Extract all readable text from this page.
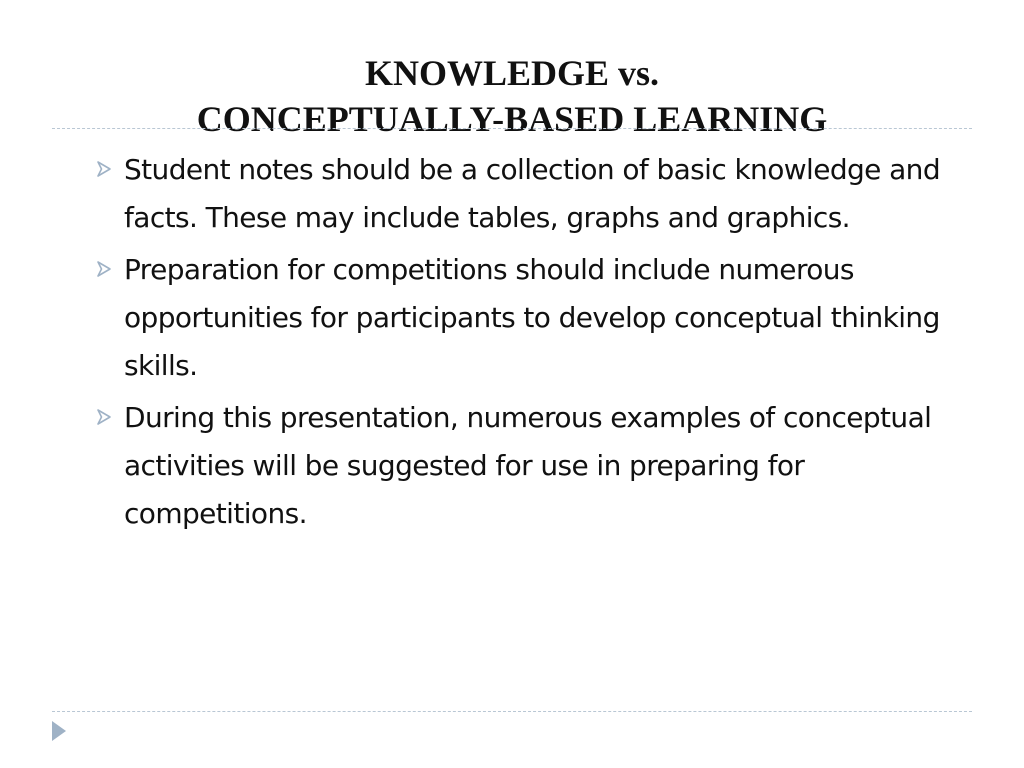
KNOWLEDGE vs.
CONCEPTUALLY-BASED LEARNING
Student notes should be a collection of basic knowledge and facts. These may include tables, graphs and graphics.
Preparation for competitions should include numerous opportunities for participants to develop conceptual thinking skills.
During this presentation, numerous examples of conceptual activities will be suggested for use in preparing for competitions.
